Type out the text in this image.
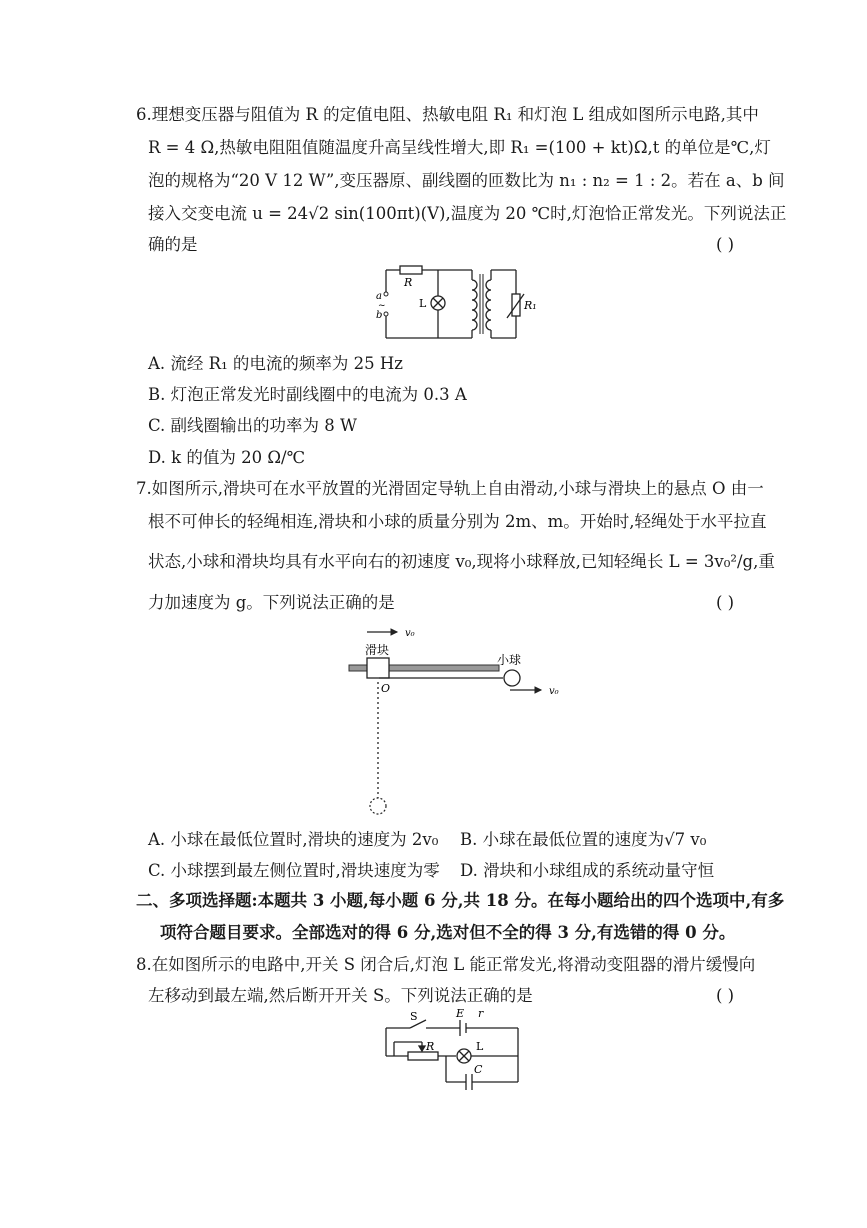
6.理想变压器与阻值为 R 的定值电阻、热敏电阻 R₁ 和灯泡 L 组成如图所示电路,其中
R = 4 Ω,热敏电阻阻值随温度升高呈线性增大,即 R₁ =(100 + kt)Ω,t 的单位是℃,灯
泡的规格为“20 V 12 W”,变压器原、副线圈的匝数比为 n₁ : n₂ = 1 : 2。若在 a、b 间
接入交变电流 u = 24√2 sin(100πt)(V),温度为 20 ℃时,灯泡恰正常发光。下列说法正
确的是	( )
R
L	R₁
a
~
b
A. 流经 R₁ 的电流的频率为 25 Hz
B. 灯泡正常发光时副线圈中的电流为 0.3 A
C. 副线圈输出的功率为 8 W
D. k 的值为 20 Ω/℃
7.如图所示,滑块可在水平放置的光滑固定导轨上自由滑动,小球与滑块上的悬点 O 由一
根不可伸长的轻绳相连,滑块和小球的质量分别为 2m、m。开始时,轻绳处于水平拉直
状态,小球和滑块均具有水平向右的初速度 v₀,现将小球释放,已知轻绳长 L = 3v₀²/g,重
力加速度为 g。下列说法正确的是	( )
v₀
滑块
小球
O	v₀
A. 小球在最低位置时,滑块的速度为 2v₀ B. 小球在最低位置的速度为√7 v₀
C. 小球摆到最左侧位置时,滑块速度为零 D. 滑块和小球组成的系统动量守恒
二、多项选择题:本题共 3 小题,每小题 6 分,共 18 分。在每小题给出的四个选项中,有多
项符合题目要求。全部选对的得 6 分,选对但不全的得 3 分,有选错的得 0 分。
8.在如图所示的电路中,开关 S 闭合后,灯泡 L 能正常发光,将滑动变阻器的滑片缓慢向
左移动到最左端,然后断开开关 S。下列说法正确的是	( )
S	E r
R	L
C
